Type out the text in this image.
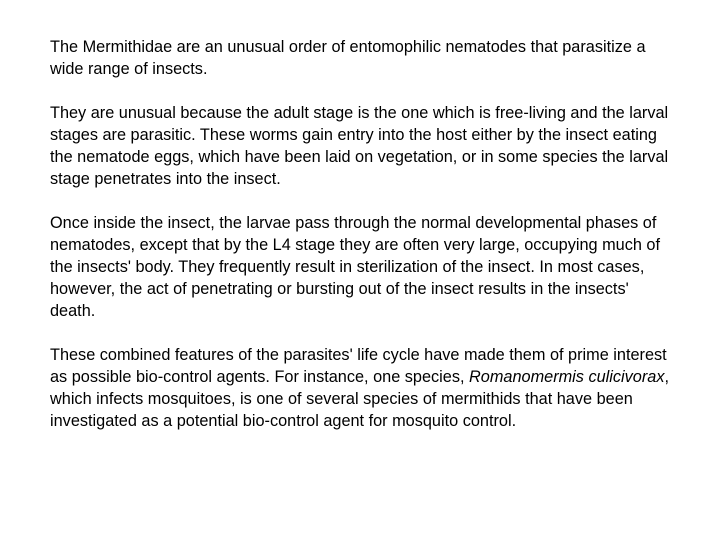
The Mermithidae are an unusual order of entomophilic nematodes that parasitize a wide range of insects.

They are unusual because the adult stage is the one which is free-living and the larval stages are parasitic. These worms gain entry into the host either by the insect eating the nematode eggs, which have been laid on vegetation, or in some species the larval stage penetrates into the insect.

Once inside the insect, the larvae pass through the normal developmental phases of nematodes, except that by the L4 stage they are often very large, occupying much of the insects' body. They frequently result in sterilization of the insect. In most cases, however, the act of penetrating or bursting out of the insect results in the insects' death.

These combined features of the parasites' life cycle have made them of prime interest as possible bio-control agents. For instance, one species, Romanomermis culicivorax, which infects mosquitoes, is one of several species of mermithids that have been investigated as a potential bio-control agent for mosquito control.
